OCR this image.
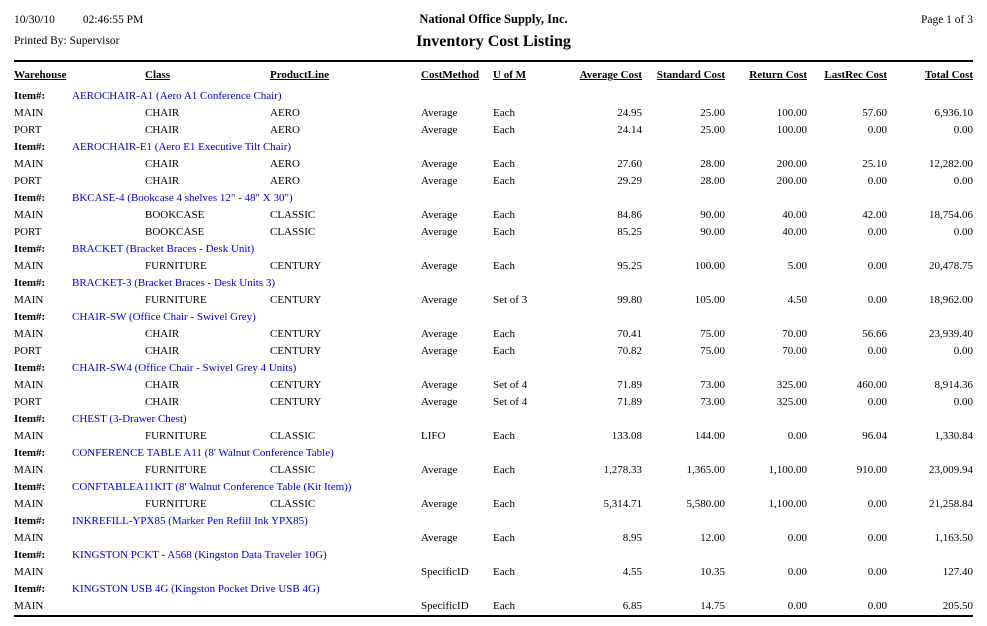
10/30/10 02:46:55 PM
Printed By: Supervisor
National Office Supply, Inc.
Inventory Cost Listing
Page 1 of 3
Warehouse	Class	ProductLine	CostMethod	U of M	Average Cost	Standard Cost	Return Cost	LastRec Cost	Total Cost
Item#: AEROCHAIR-A1 (Aero A1 Conference Chair)									
MAIN	CHAIR	AERO	Average	Each	24.95	25.00	100.00	57.60	6,936.10
PORT	CHAIR	AERO	Average	Each	24.14	25.00	100.00	0.00	0.00
Item#: AEROCHAIR-E1 (Aero E1 Executive Tilt Chair)									
MAIN	CHAIR	AERO	Average	Each	27.60	28.00	200.00	25.10	12,282.00
PORT	CHAIR	AERO	Average	Each	29.29	28.00	200.00	0.00	0.00
Item#: BKCASE-4 (Bookcase 4 shelves 12" - 48" X 30")									
MAIN	BOOKCASE	CLASSIC	Average	Each	84.86	90.00	40.00	42.00	18,754.06
PORT	BOOKCASE	CLASSIC	Average	Each	85.25	90.00	40.00	0.00	0.00
Item#: BRACKET (Bracket Braces - Desk Unit)									
MAIN	FURNITURE	CENTURY	Average	Each	95.25	100.00	5.00	0.00	20,478.75
Item#: BRACKET-3 (Bracket Braces - Desk Units 3)									
MAIN	FURNITURE	CENTURY	Average	Set of 3	99.80	105.00	4.50	0.00	18,962.00
Item#: CHAIR-SW (Office Chair - Swivel Grey)									
MAIN	CHAIR	CENTURY	Average	Each	70.41	75.00	70.00	56.66	23,939.40
PORT	CHAIR	CENTURY	Average	Each	70.82	75.00	70.00	0.00	0.00
Item#: CHAIR-SW4 (Office Chair - Swivel Grey 4 Units)									
MAIN	CHAIR	CENTURY	Average	Set of 4	71.89	73.00	325.00	460.00	8,914.36
PORT	CHAIR	CENTURY	Average	Set of 4	71.89	73.00	325.00	0.00	0.00
Item#: CHEST (3-Drawer Chest)									
MAIN	FURNITURE	CLASSIC	LIFO	Each	133.08	144.00	0.00	96.04	1,330.84
Item#: CONFERENCE TABLE A11 (8' Walnut Conference Table)									
MAIN	FURNITURE	CLASSIC	Average	Each	1,278.33	1,365.00	1,100.00	910.00	23,009.94
Item#: CONFTABLEA11KIT (8' Walnut Conference Table (Kit Item))									
MAIN	FURNITURE	CLASSIC	Average	Each	5,314.71	5,580.00	1,100.00	0.00	21,258.84
Item#: INKREFILL-YPX85 (Marker Pen Refill Ink YPX85)									
MAIN			Average	Each	8.95	12.00	0.00	0.00	1,163.50
Item#: KINGSTON PCKT - A568 (Kingston Data Traveler 10G)									
MAIN			SpecificID	Each	4.55	10.35	0.00	0.00	127.40
Item#: KINGSTON USB 4G (Kingston Pocket Drive USB 4G)									
MAIN			SpecificID	Each	6.85	14.75	0.00	0.00	205.50
